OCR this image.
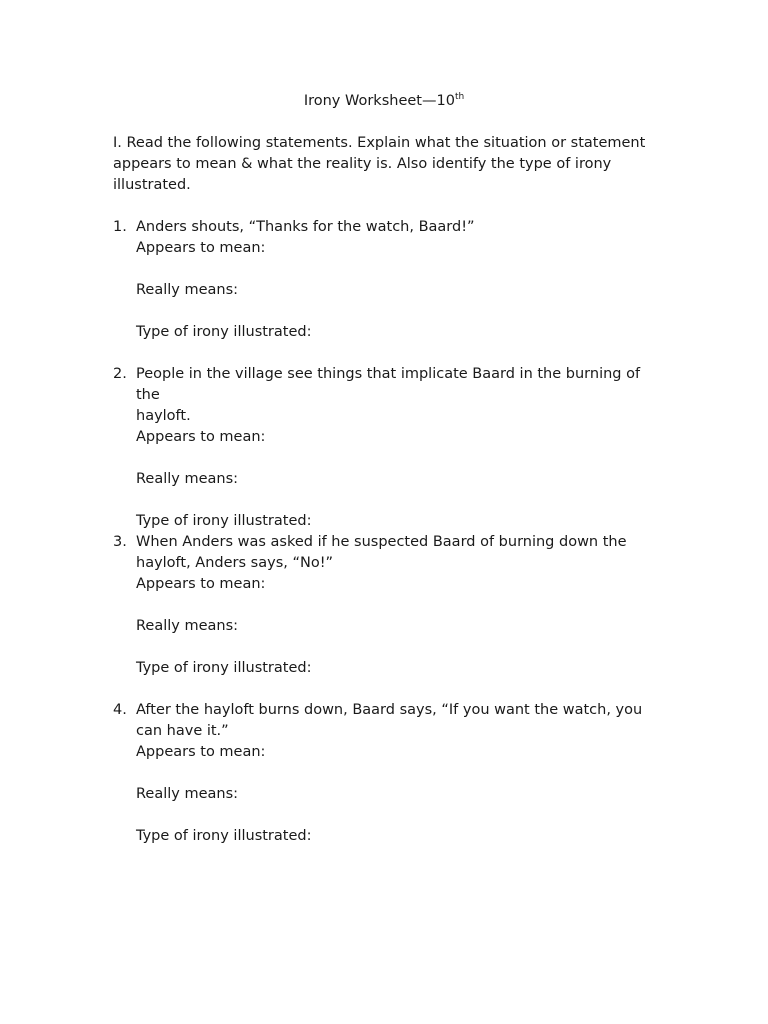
Irony Worksheet—10th
I. Read the following statements. Explain what the situation or statement appears to mean & what the reality is. Also identify the type of irony illustrated.
1. Anders shouts, “Thanks for the watch, Baard!”
Appears to mean:
Really means:
Type of irony illustrated:
2. People in the village see things that implicate Baard in the burning of the
hayloft.
Appears to mean:
Really means:
Type of irony illustrated:
3. When Anders was asked if he suspected Baard of burning down the
hayloft, Anders says, “No!”
Appears to mean:
Really means:
Type of irony illustrated:
4. After the hayloft burns down, Baard says, “If you want the watch, you
can have it.”
Appears to mean:
Really means:
Type of irony illustrated:
